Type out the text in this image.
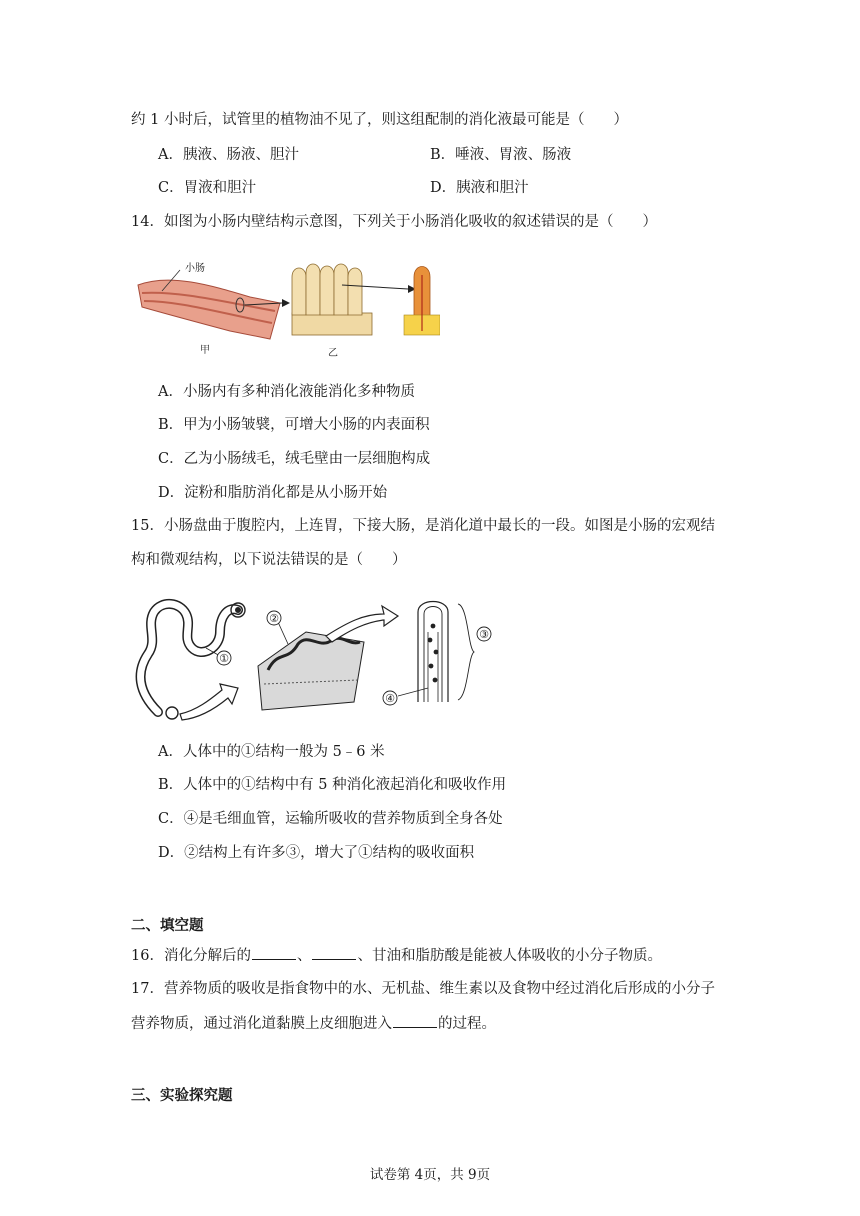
约 1 小时后，试管里的植物油不见了，则这组配制的消化液最可能是（　　）
A．胰液、肠液、胆汁	B．唾液、胃液、肠液
C．胃液和胆汁	D．胰液和胆汁
14．如图为小肠内壁结构示意图，下列关于小肠消化吸收的叙述错误的是（　　）
小肠
甲	乙
A．小肠内有多种消化液能消化多种物质
B．甲为小肠皱襞，可增大小肠的内表面积
C．乙为小肠绒毛，绒毛壁由一层细胞构成
D．淀粉和脂肪消化都是从小肠开始
15．小肠盘曲于腹腔内，上连胃，下接大肠，是消化道中最长的一段。如图是小肠的宏观结
构和微观结构，以下说法错误的是（　　）
①
②
③
④
A．人体中的①结构一般为 5﹣6 米
B．人体中的①结构中有 5 种消化液起消化和吸收作用
C．④是毛细血管，运输所吸收的营养物质到全身各处
D．②结构上有许多③，增大了①结构的吸收面积
二、填空题
16．消化分解后的	、	、甘油和脂肪酸是能被人体吸收的小分子物质。
17．营养物质的吸收是指食物中的水、无机盐、维生素以及食物中经过消化后形成的小分子
营养物质，通过消化道黏膜上皮细胞进入	的过程。
三、实验探究题
试卷第 4页，共 9页
